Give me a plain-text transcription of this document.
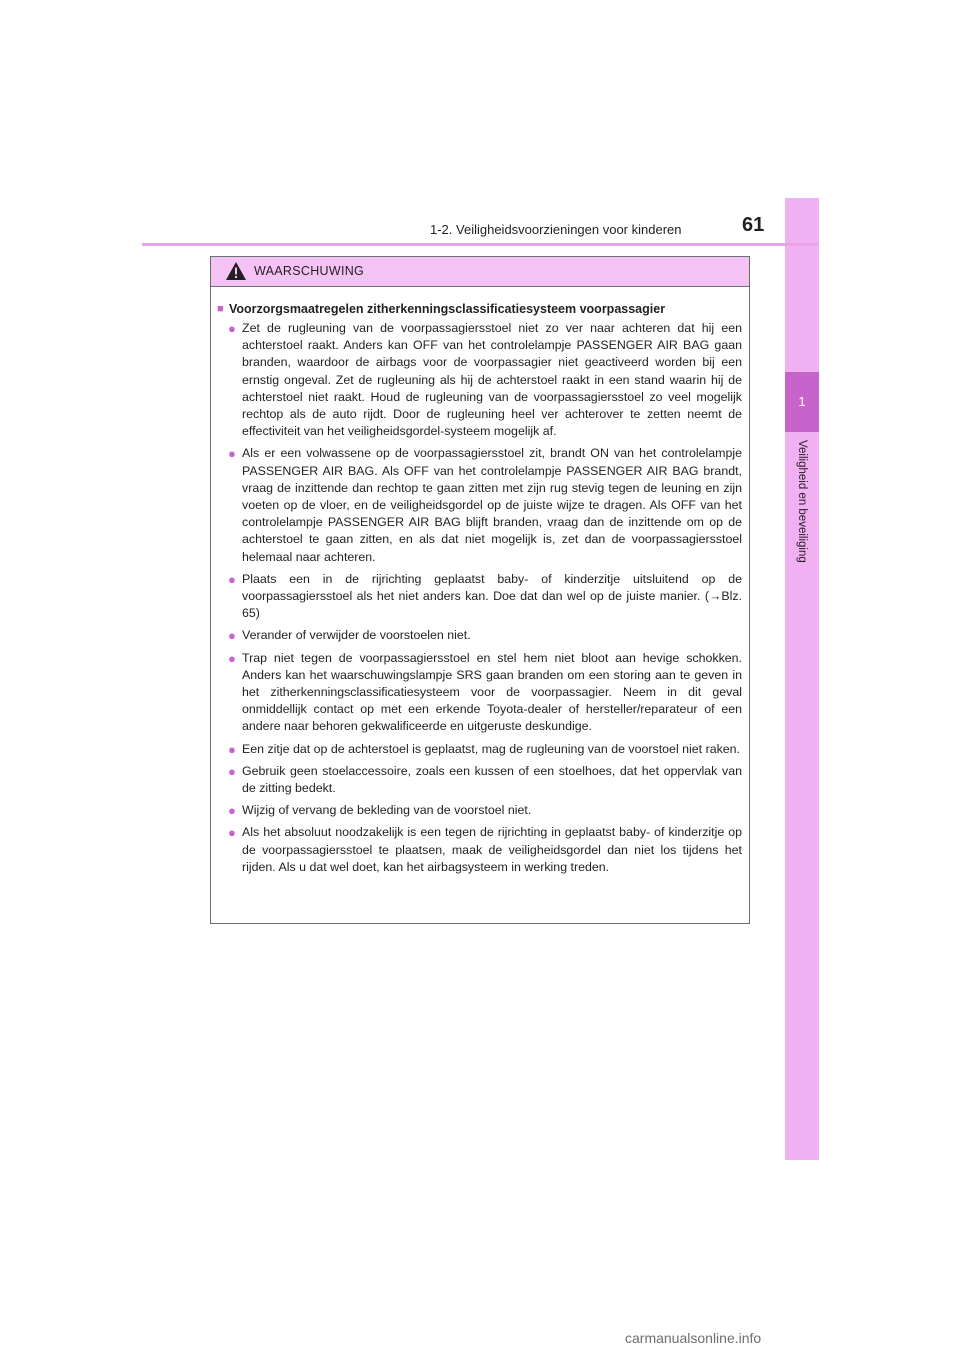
1
Veiligheid en beveiliging
1-2. Veiligheidsvoorzieningen voor kinderen	61
WAARSCHUWING
■ Voorzorgsmaatregelen zitherkenningsclassificatiesysteem voorpassagier
● Zet de rugleuning van de voorpassagiersstoel niet zo ver naar achteren dat hij een achterstoel raakt. Anders kan OFF van het controlelampje PASSENGER AIR BAG gaan branden, waardoor de airbags voor de voorpassagier niet geactiveerd worden bij een ernstig ongeval. Zet de rugleuning als hij de achterstoel raakt in een stand waarin hij de achterstoel niet raakt. Houd de rugleuning van de voorpassagiersstoel zo veel mogelijk rechtop als de auto rijdt. Door de rugleuning heel ver achterover te zetten neemt de effectiviteit van het veiligheidsgordel-systeem mogelijk af.
● Als er een volwassene op de voorpassagiersstoel zit, brandt ON van het controlelampje PASSENGER AIR BAG. Als OFF van het controlelampje PASSENGER AIR BAG brandt, vraag de inzittende dan rechtop te gaan zitten met zijn rug stevig tegen de leuning en zijn voeten op de vloer, en de veiligheidsgordel op de juiste wijze te dragen. Als OFF van het controlelampje PASSENGER AIR BAG blijft branden, vraag dan de inzittende om op de achterstoel te gaan zitten, en als dat niet mogelijk is, zet dan de voorpassagiersstoel helemaal naar achteren.
● Plaats een in de rijrichting geplaatst baby- of kinderzitje uitsluitend op de voorpassagiersstoel als het niet anders kan. Doe dat dan wel op de juiste manier. (→Blz. 65)
● Verander of verwijder de voorstoelen niet.
● Trap niet tegen de voorpassagiersstoel en stel hem niet bloot aan hevige schokken. Anders kan het waarschuwingslampje SRS gaan branden om een storing aan te geven in het zitherkenningsclassificatiesysteem voor de voorpassagier. Neem in dit geval onmiddellijk contact op met een erkende Toyota-dealer of hersteller/reparateur of een andere naar behoren gekwalificeerde en uitgeruste deskundige.
● Een zitje dat op de achterstoel is geplaatst, mag de rugleuning van de voorstoel niet raken.
● Gebruik geen stoelaccessoire, zoals een kussen of een stoelhoes, dat het oppervlak van de zitting bedekt.
● Wijzig of vervang de bekleding van de voorstoel niet.
● Als het absoluut noodzakelijk is een tegen de rijrichting in geplaatst baby- of kinderzitje op de voorpassagiersstoel te plaatsen, maak de veiligheidsgordel dan niet los tijdens het rijden. Als u dat wel doet, kan het airbagsysteem in werking treden.
carmanualsonline.info
